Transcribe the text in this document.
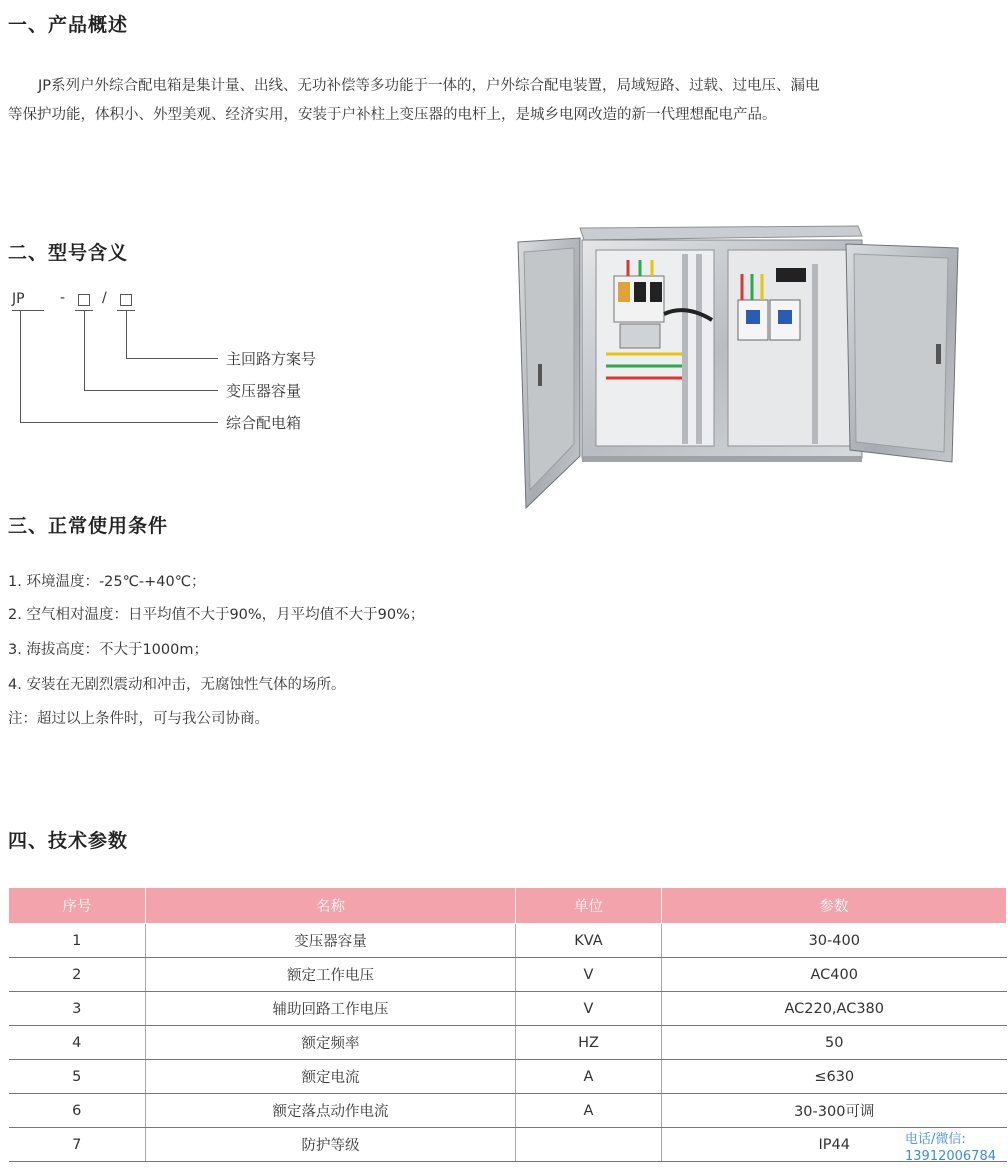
一、产品概述

JP系列户外综合配电箱是集计量、出线、无功补偿等多功能于一体的，户外综合配电装置，局域短路、过载、过电压、漏电
等保护功能，体积小、外型美观、经济实用，安装于户补柱上变压器的电杆上，是城乡电网改造的新一代理想配电产品。

二、型号含义
JP	-	/
主回路方案号
变压器容量
综合配电箱
三、正常使用条件

1. 环境温度：-25℃-+40℃；

2. 空气相对温度：日平均值不大于90%，月平均值不大于90%；

3. 海拔高度：不大于1000m；

4. 安装在无剧烈震动和冲击，无腐蚀性气体的场所。

注：超过以上条件时，可与我公司协商。

四、技术参数
序号	名称	单位	参数
1	变压器容量	KVA	30-400
2	额定工作电压	V	AC400
3	辅助回路工作电压	V	AC220,AC380
4	额定频率	HZ	50
5	额定电流	A	≤630
6	额定落点动作电流	A	30-300可调
7	防护等级		IP44	电话/微信:
13912006784
